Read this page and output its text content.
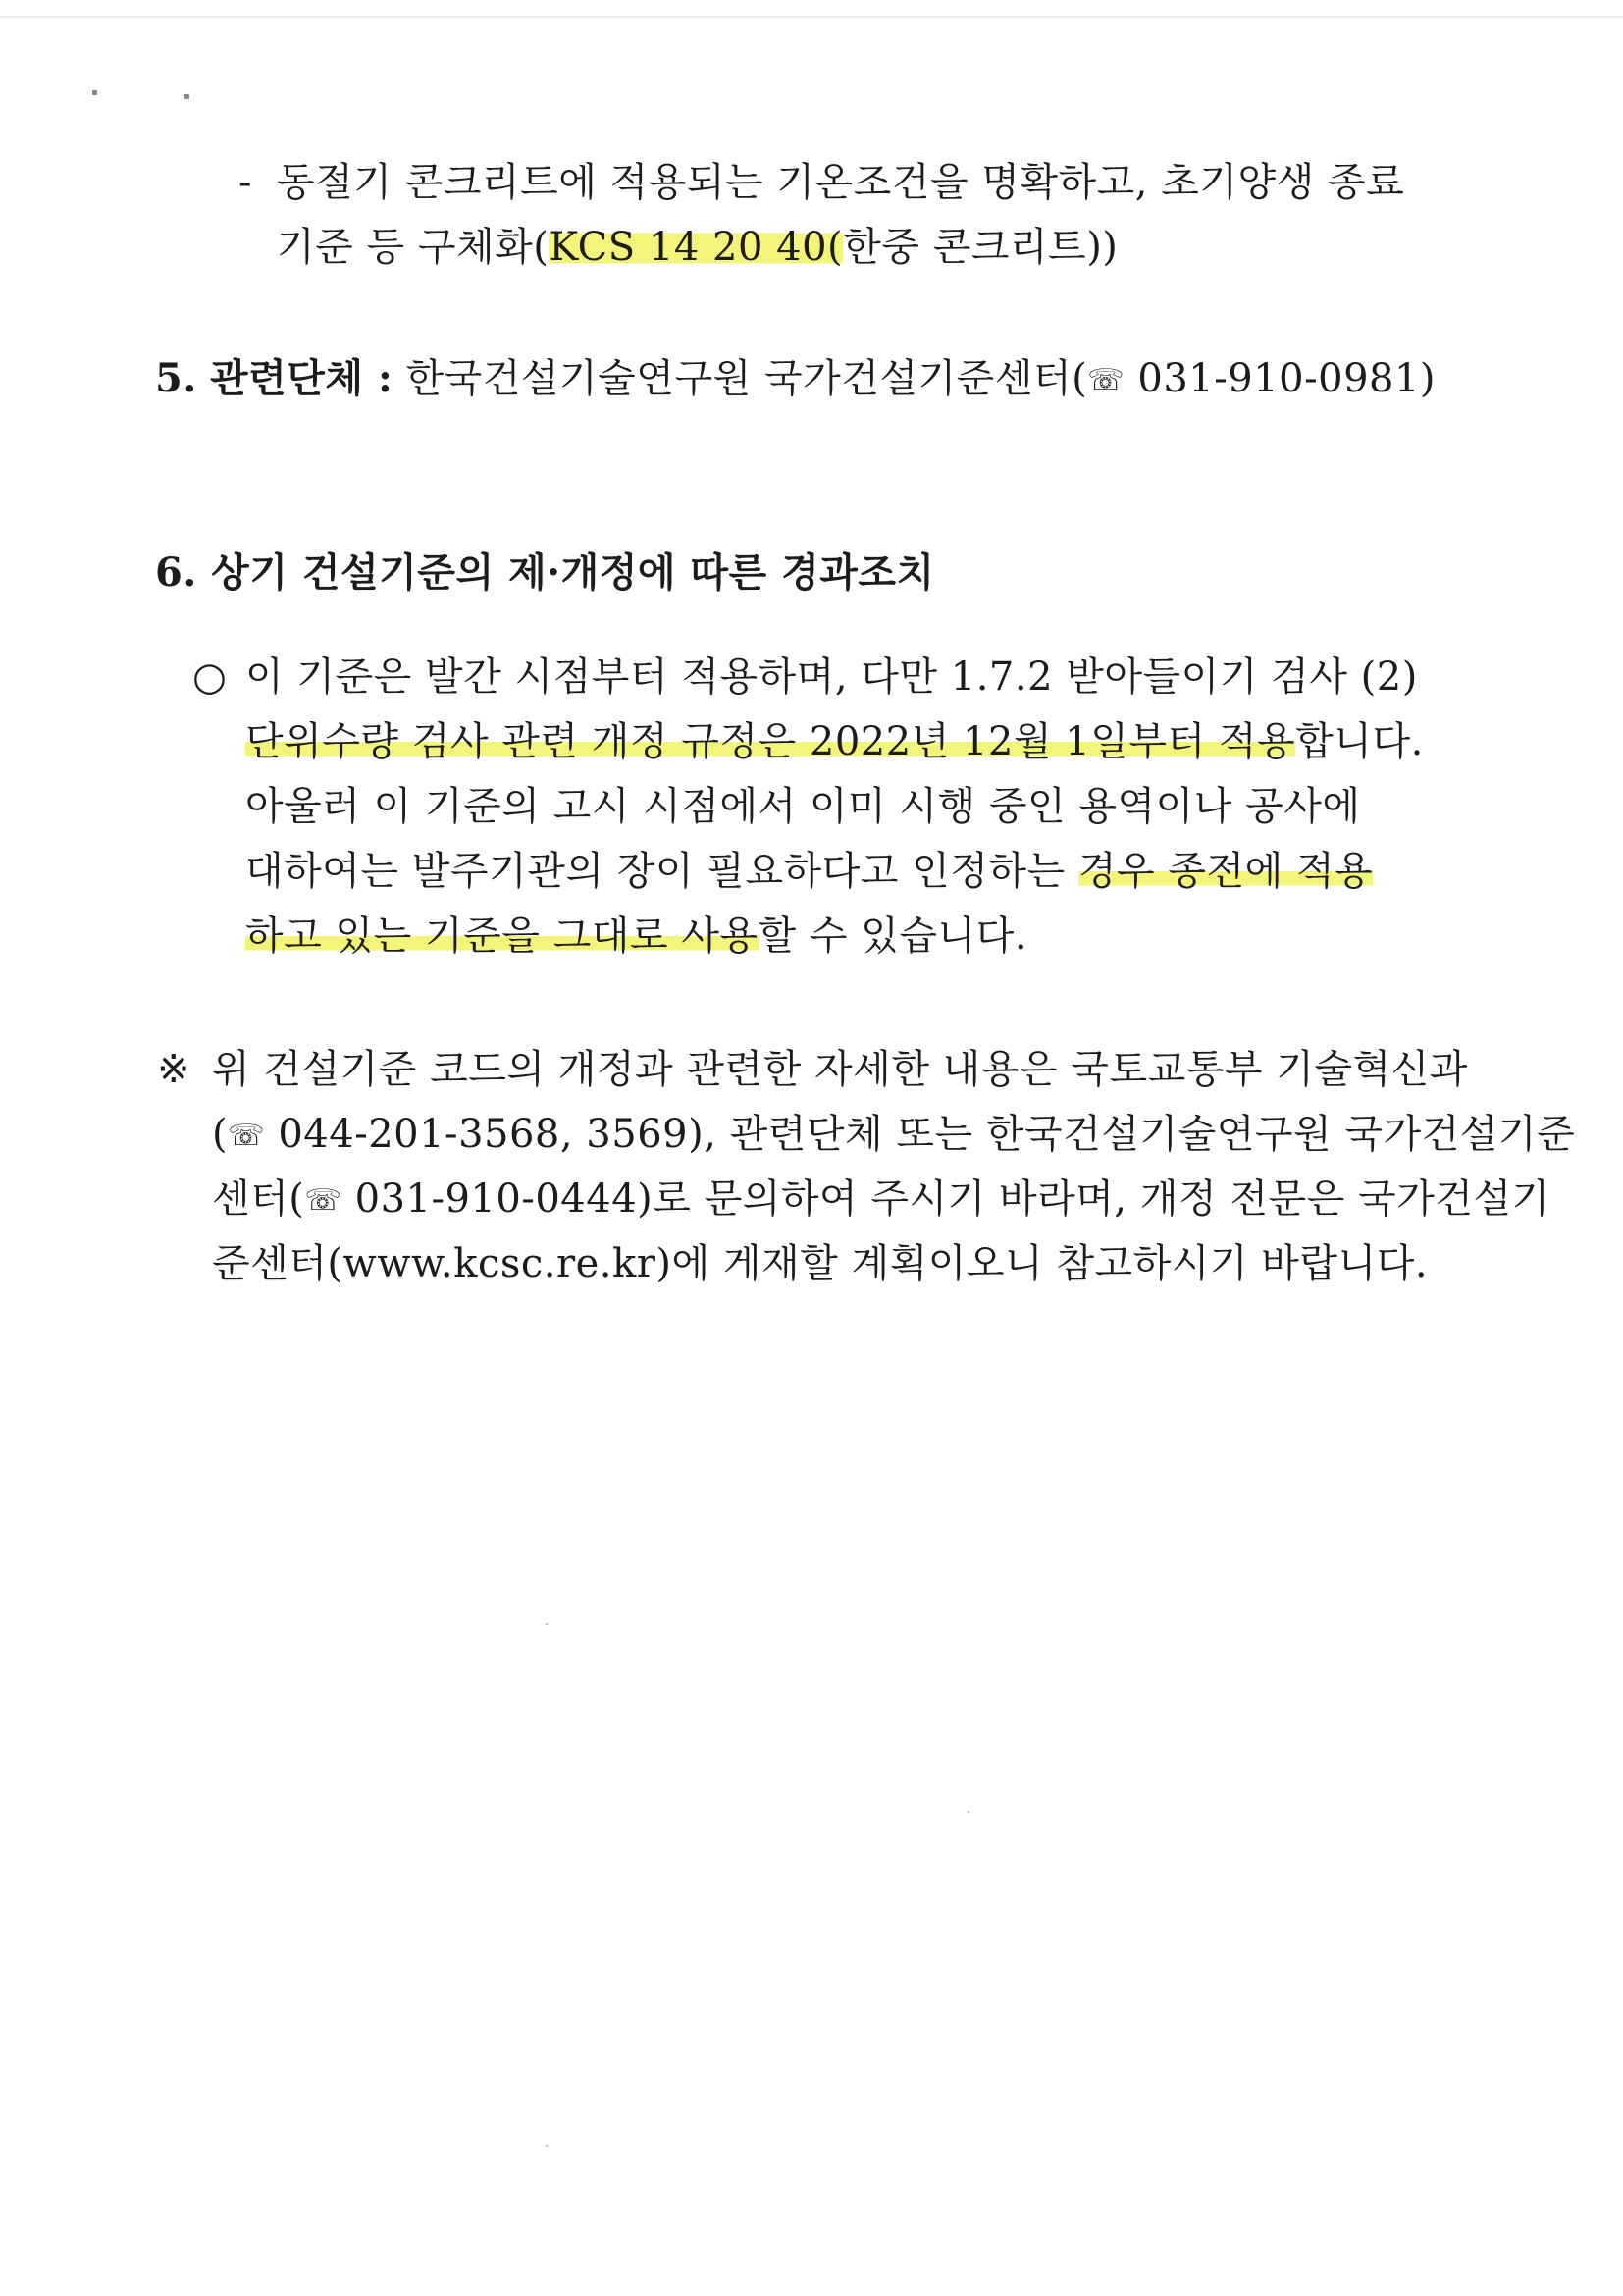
- 동절기 콘크리트에 적용되는 기온조건을 명확하고, 초기양생 종료
기준 등 구체화(KCS 14 20 40(한중 콘크리트))
5. 관련단체 : 한국건설기술연구원 국가건설기준센터(☏ 031-910-0981)
6. 상기 건설기준의 제·개정에 따른 경과조치
○ 이 기준은 발간 시점부터 적용하며, 다만 1.7.2 받아들이기 검사 (2)
단위수량 검사 관련 개정 규정은 2022년 12월 1일부터 적용합니다.
아울러 이 기준의 고시 시점에서 이미 시행 중인 용역이나 공사에
대하여는 발주기관의 장이 필요하다고 인정하는 경우 종전에 적용
하고 있는 기준을 그대로 사용할 수 있습니다.
※ 위 건설기준 코드의 개정과 관련한 자세한 내용은 국토교통부 기술혁신과
(☏ 044-201-3568, 3569), 관련단체 또는 한국건설기술연구원 국가건설기준
센터(☏ 031-910-0444)로 문의하여 주시기 바라며, 개정 전문은 국가건설기
준센터(www.kcsc.re.kr)에 게재할 계획이오니 참고하시기 바랍니다.
